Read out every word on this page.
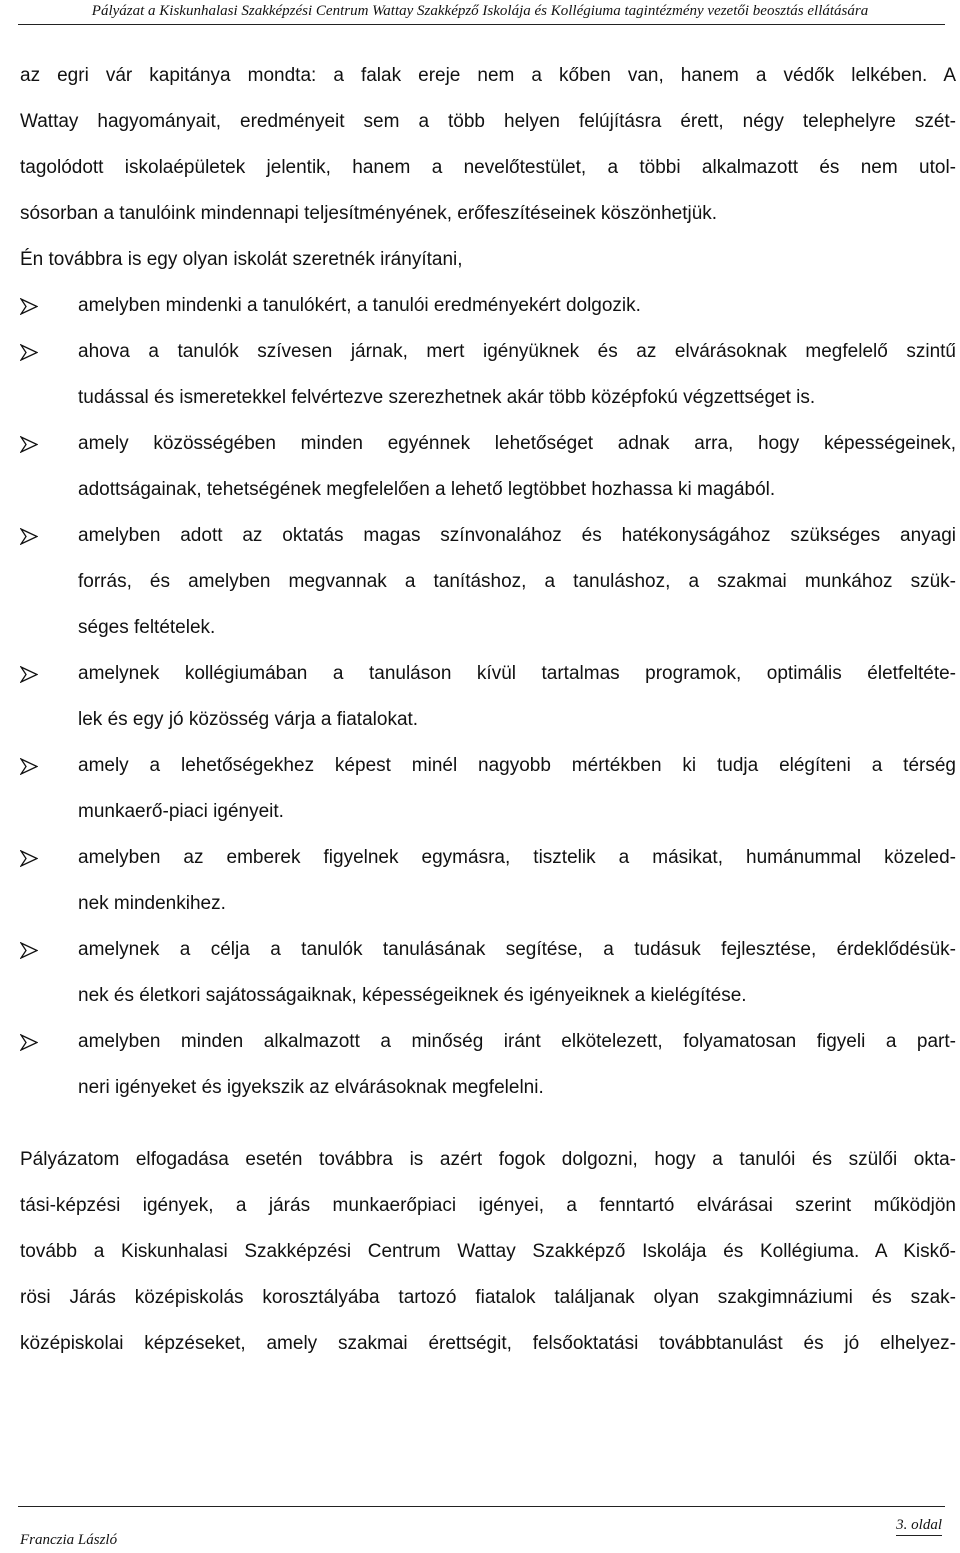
Pályázat a Kiskunhalasi Szakképzési Centrum Wattay Szakképző Iskolája és Kollégiuma tagintézmény vezetői beosztás ellátására
az egri vár kapitánya mondta: a falak ereje nem a kőben van, hanem a védők lelkében. A
Wattay hagyományait, eredményeit sem a több helyen felújításra érett, négy telephelyre szét-
tagolódott iskolaépületek jelentik, hanem a nevelőtestület, a többi alkalmazott és nem utol-
sósorban a tanulóink mindennapi teljesítményének, erőfeszítéseinek köszönhetjük.
Én továbbra is egy olyan iskolát szeretnék irányítani,
amelyben mindenki a tanulókért, a tanulói eredményekért dolgozik.
ahova a tanulók szívesen járnak, mert igényüknek és az elvárásoknak megfelelő szintű
tudással és ismeretekkel felvértezve szerezhetnek akár több középfokú végzettséget is.
amely közösségében minden egyénnek lehetőséget adnak arra, hogy képességeinek,
adottságainak, tehetségének megfelelően a lehető legtöbbet hozhassa ki magából.
amelyben adott az oktatás magas színvonalához és hatékonyságához szükséges anyagi
forrás, és amelyben megvannak a tanításhoz, a tanuláshoz, a szakmai munkához szük-
séges feltételek.
amelynek kollégiumában a tanuláson kívül tartalmas programok, optimális életfeltéte-
lek és egy jó közösség várja a fiatalokat.
amely a lehetőségekhez képest minél nagyobb mértékben ki tudja elégíteni a térség
munkaerő-piaci igényeit.
amelyben az emberek figyelnek egymásra, tisztelik a másikat, humánummal közeled-
nek mindenkihez.
amelynek a célja a tanulók tanulásának segítése, a tudásuk fejlesztése, érdeklődésük-
nek és életkori sajátosságaiknak, képességeiknek és igényeiknek a kielégítése.
amelyben minden alkalmazott a minőség iránt elkötelezett, folyamatosan figyeli a part-
neri igényeket és igyekszik az elvárásoknak megfelelni.
Pályázatom elfogadása esetén továbbra is azért fogok dolgozni, hogy a tanulói és szülői okta-
tási-képzési igények, a járás munkaerőpiaci igényei, a fenntartó elvárásai szerint működjön
tovább a Kiskunhalasi Szakképzési Centrum Wattay Szakképző Iskolája és Kollégiuma. A Kiskő-
rösi Járás középiskolás korosztályába tartozó fiatalok találjanak olyan szakgimnáziumi és szak-
középiskolai képzéseket, amely szakmai érettségit, felsőoktatási továbbtanulást és jó elhelyez-
Franczia László
3. oldal
